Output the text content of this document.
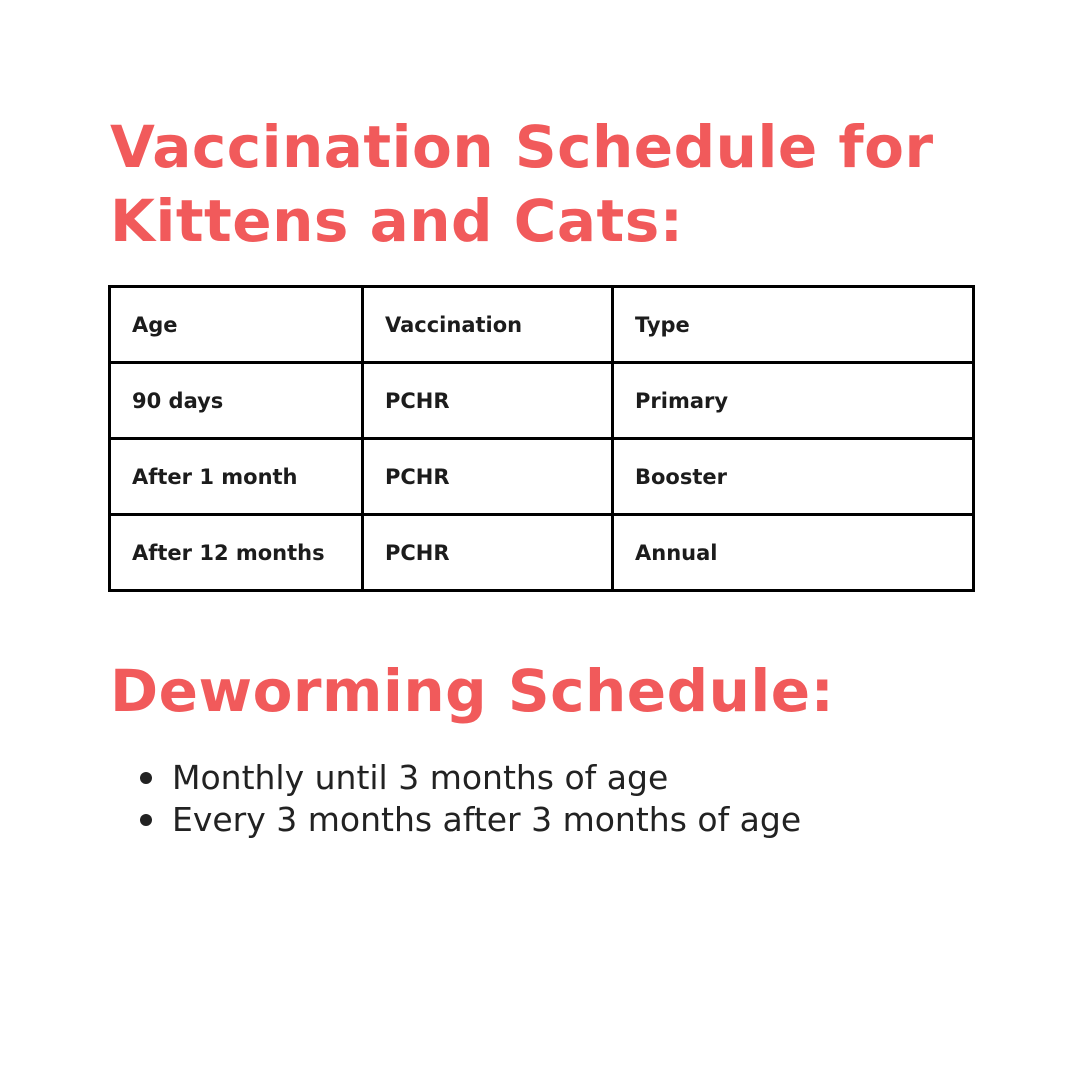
Vaccination Schedule for Kittens and Cats:
Age	Vaccination	Type
90 days	PCHR	Primary
After 1 month	PCHR	Booster
After 12 months	PCHR	Annual
Deworming Schedule:
Monthly until 3 months of age
Every 3 months after 3 months of age
